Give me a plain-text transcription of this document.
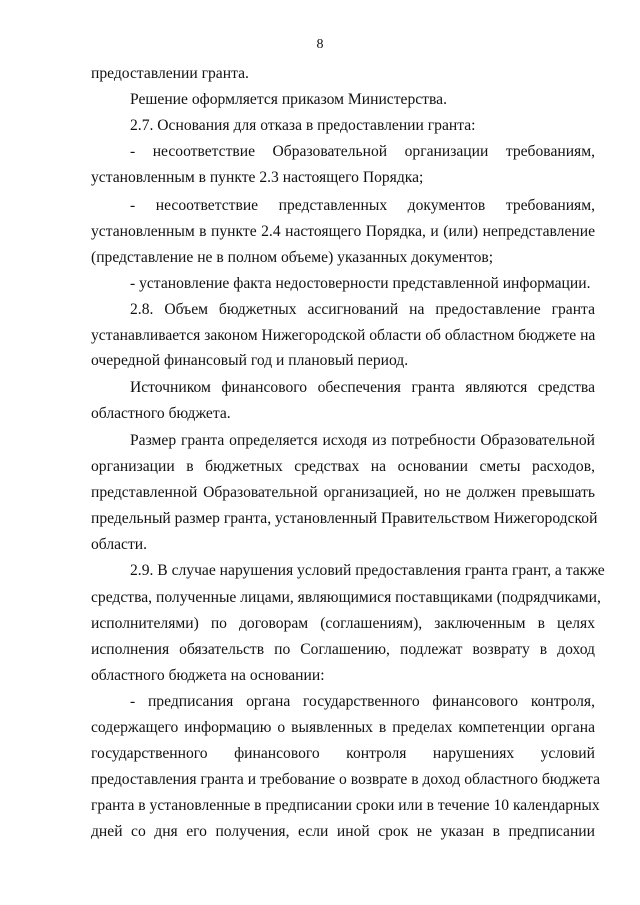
8
предоставлении гранта.
Решение оформляется приказом Министерства.
2.7. Основания для отказа в предоставлении гранта:
- несоответствие Образовательной организации требованиям,
установленным в пункте 2.3 настоящего Порядка;
- несоответствие представленных документов требованиям,
установленным в пункте 2.4 настоящего Порядка, и (или) непредставление
(представление не в полном объеме) указанных документов;
- установление факта недостоверности представленной информации.
2.8. Объем бюджетных ассигнований на предоставление гранта
устанавливается законом Нижегородской области об областном бюджете на
очередной финансовый год и плановый период.
Источником финансового обеспечения гранта являются средства
областного бюджета.
Размер гранта определяется исходя из потребности Образовательной
организации в бюджетных средствах на основании сметы расходов,
представленной Образовательной организацией, но не должен превышать
предельный размер гранта, установленный Правительством Нижегородской
области.
2.9. В случае нарушения условий предоставления гранта грант, а также
средства, полученные лицами, являющимися поставщиками (подрядчиками,
исполнителями) по договорам (соглашениям), заключенным в целях
исполнения обязательств по Соглашению, подлежат возврату в доход
областного бюджета на основании:
- предписания органа государственного финансового контроля,
содержащего информацию о выявленных в пределах компетенции органа
государственного финансового контроля нарушениях условий
предоставления гранта и требование о возврате в доход областного бюджета
гранта в установленные в предписании сроки или в течение 10 календарных
дней со дня его получения, если иной срок не указан в предписании
